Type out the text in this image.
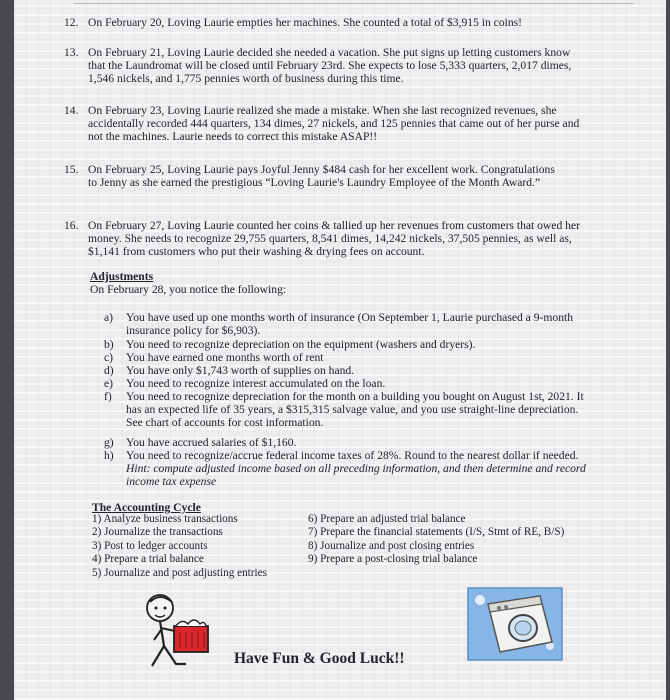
12. On February 20, Loving Laurie empties her machines. She counted a total of $3,915 in coins!
13. On February 21, Loving Laurie decided she needed a vacation. She put signs up letting customers know that the Laundromat will be closed until February 23rd. She expects to lose 5,333 quarters, 2,017 dimes, 1,546 nickels, and 1,775 pennies worth of business during this time.
14. On February 23, Loving Laurie realized she made a mistake. When she last recognized revenues, she accidentally recorded 444 quarters, 134 dimes, 27 nickels, and 125 pennies that came out of her purse and not the machines. Laurie needs to correct this mistake ASAP!!
15. On February 25, Loving Laurie pays Joyful Jenny $484 cash for her excellent work. Congratulations to Jenny as she earned the prestigious “Loving Laurie's Laundry Employee of the Month Award.”
16. On February 27, Loving Laurie counted her coins & tallied up her revenues from customers that owed her money. She needs to recognize 29,755 quarters, 8,541 dimes, 14,242 nickels, 37,505 pennies, as well as, $1,141 from customers who put their washing & drying fees on account.
Adjustments
On February 28, you notice the following:
a) You have used up one months worth of insurance (On September 1, Laurie purchased a 9-month insurance policy for $6,903).
b) You need to recognize depreciation on the equipment (washers and dryers).
c) You have earned one months worth of rent
d) You have only $1,743 worth of supplies on hand.
e) You need to recognize interest accumulated on the loan.
f) You need to recognize depreciation for the month on a building you bought on August 1st, 2021. It has an expected life of 35 years, a $315,315 salvage value, and you use straight-line depreciation. See chart of accounts for cost information.
g) You have accrued salaries of $1,160.
h) You need to recognize/accrue federal income taxes of 28%. Round to the nearest dollar if needed. Hint: compute adjusted income based on all preceding information, and then determine and record income tax expense
The Accounting Cycle
1) Analyze business transactions
2) Journalize the transactions
3) Post to ledger accounts
4) Prepare a trial balance
5) Journalize and post adjusting entries
6) Prepare an adjusted trial balance
7) Prepare the financial statements (I/S, Stmt of RE, B/S)
8) Journalize and post closing entries
9) Prepare a post-closing trial balance
Have Fun & Good Luck!!
